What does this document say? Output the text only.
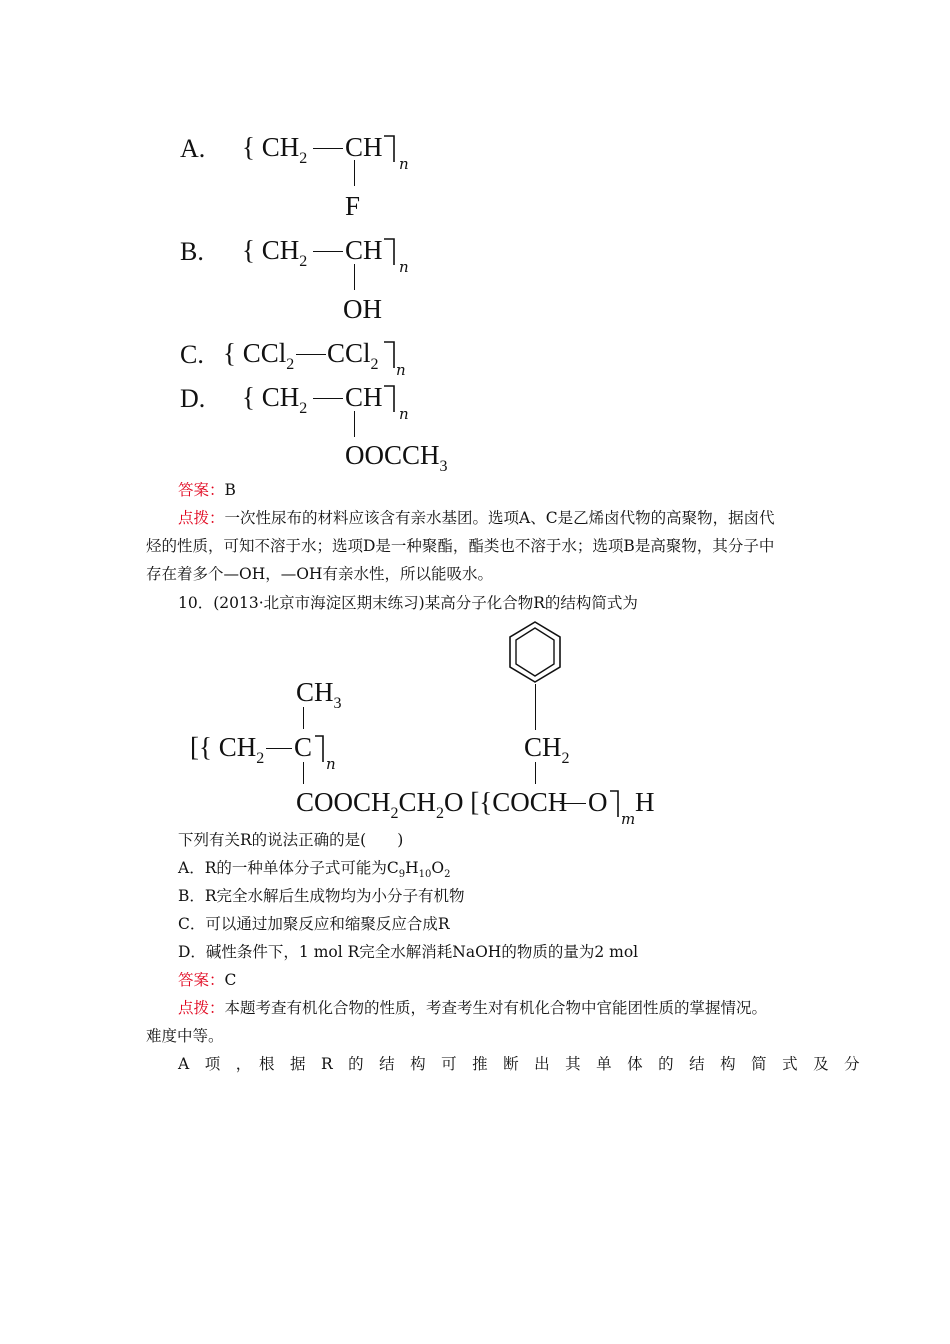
A. { $CH_2$ CH
n
F
B. { $CH_2$ CH
n
OH
C. { CCl$_2$ CCl$_2$ n
D. { $CH_2$ CH
n
$OOCCH_3$
答案：B
点拨：一次性尿布的材料应该含有亲水基团。选项A、C是乙烯卤代物的高聚物，据卤代
烃的性质，可知不溶于水；选项D是一种聚酯，酯类也不溶于水；选项B是高聚物，其分子中
存在着多个—OH，—OH有亲水性，所以能吸水。
10．(2013·北京市海淀区期末练习)某高分子化合物R的结构简式为
$CH_3$
[{ $CH_2$ C
n
$CH_2$
$COOCH_2CH_2O$ [{COCH O
m
H
下列有关R的说法正确的是(　　)
A．R的一种单体分子式可能为$C_9H_{10}O_2$
B．R完全水解后生成物均为小分子有机物
C．可以通过加聚反应和缩聚反应合成R
D．碱性条件下，1 mol R完全水解消耗NaOH的物质的量为2 mol
答案：C
点拨：本题考查有机化合物的性质，考查考生对有机化合物中官能团性质的掌握情况。
难度中等。
A　项　，　根　据　R　的　结　构　可　推　断　出　其　单　体　的　结　构　简　式　及　分
